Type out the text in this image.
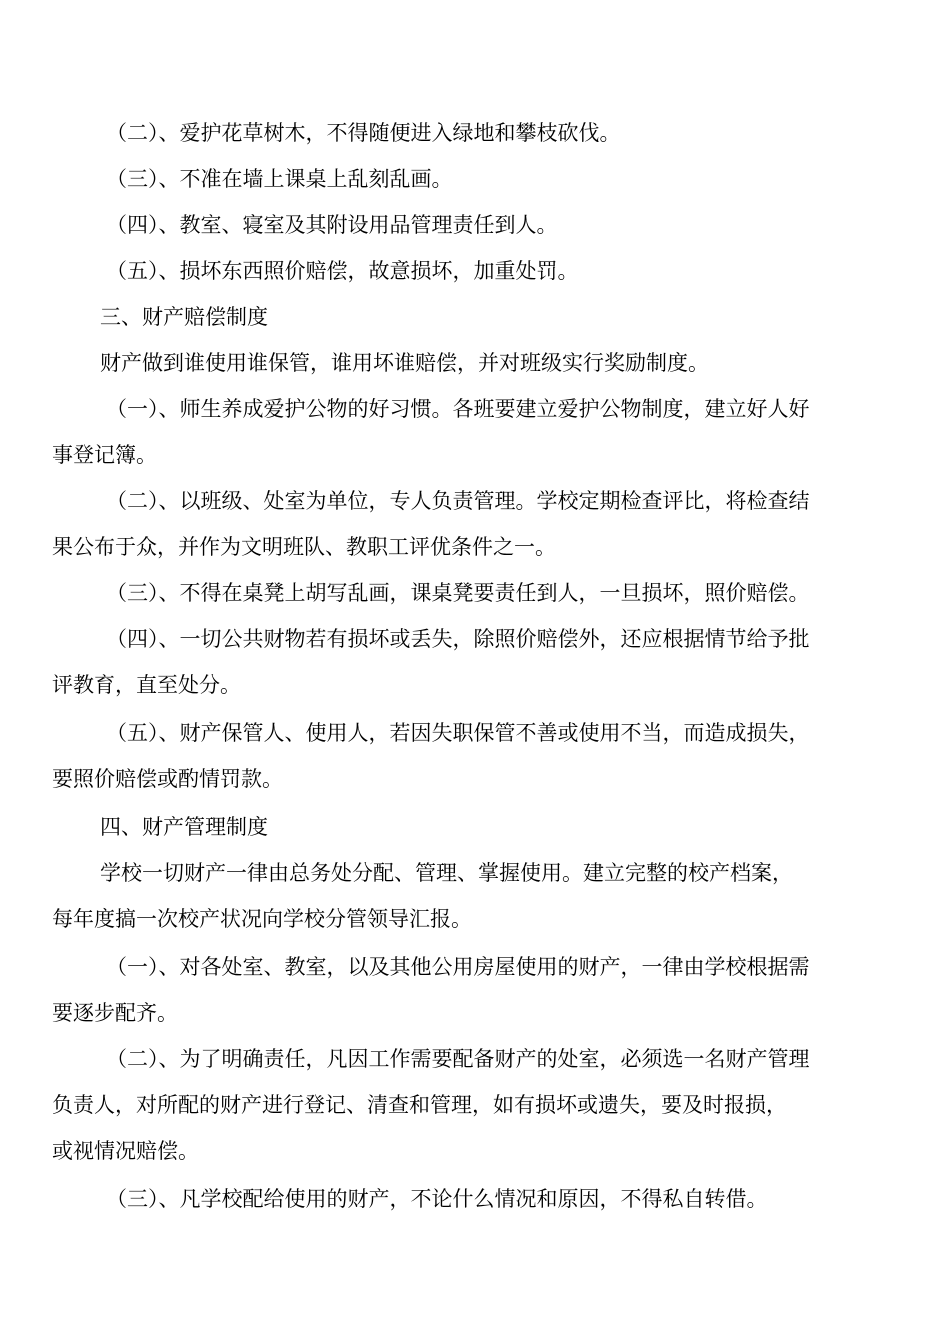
（二）、爱护花草树木，不得随便进入绿地和攀枝砍伐。

（三）、不准在墙上课桌上乱刻乱画。

（四）、教室、寝室及其附设用品管理责任到人。

（五）、损坏东西照价赔偿，故意损坏，加重处罚。

三、财产赔偿制度

财产做到谁使用谁保管，谁用坏谁赔偿，并对班级实行奖励制度。

（一）、师生养成爱护公物的好习惯。各班要建立爱护公物制度，建立好人好

事登记簿。

（二）、以班级、处室为单位，专人负责管理。学校定期检查评比，将检查结

果公布于众，并作为文明班队、教职工评优条件之一。

（三）、不得在桌凳上胡写乱画，课桌凳要责任到人，一旦损坏，照价赔偿。

（四）、一切公共财物若有损坏或丢失，除照价赔偿外，还应根据情节给予批

评教育，直至处分。

（五）、财产保管人、使用人，若因失职保管不善或使用不当，而造成损失，

要照价赔偿或酌情罚款。

四、财产管理制度

学校一切财产一律由总务处分配、管理、掌握使用。建立完整的校产档案，

每年度搞一次校产状况向学校分管领导汇报。

（一）、对各处室、教室，以及其他公用房屋使用的财产，一律由学校根据需

要逐步配齐。

（二）、为了明确责任，凡因工作需要配备财产的处室，必须选一名财产管理

负责人，对所配的财产进行登记、清查和管理，如有损坏或遗失，要及时报损，

或视情况赔偿。

（三）、凡学校配给使用的财产，不论什么情况和原因，不得私自转借。
